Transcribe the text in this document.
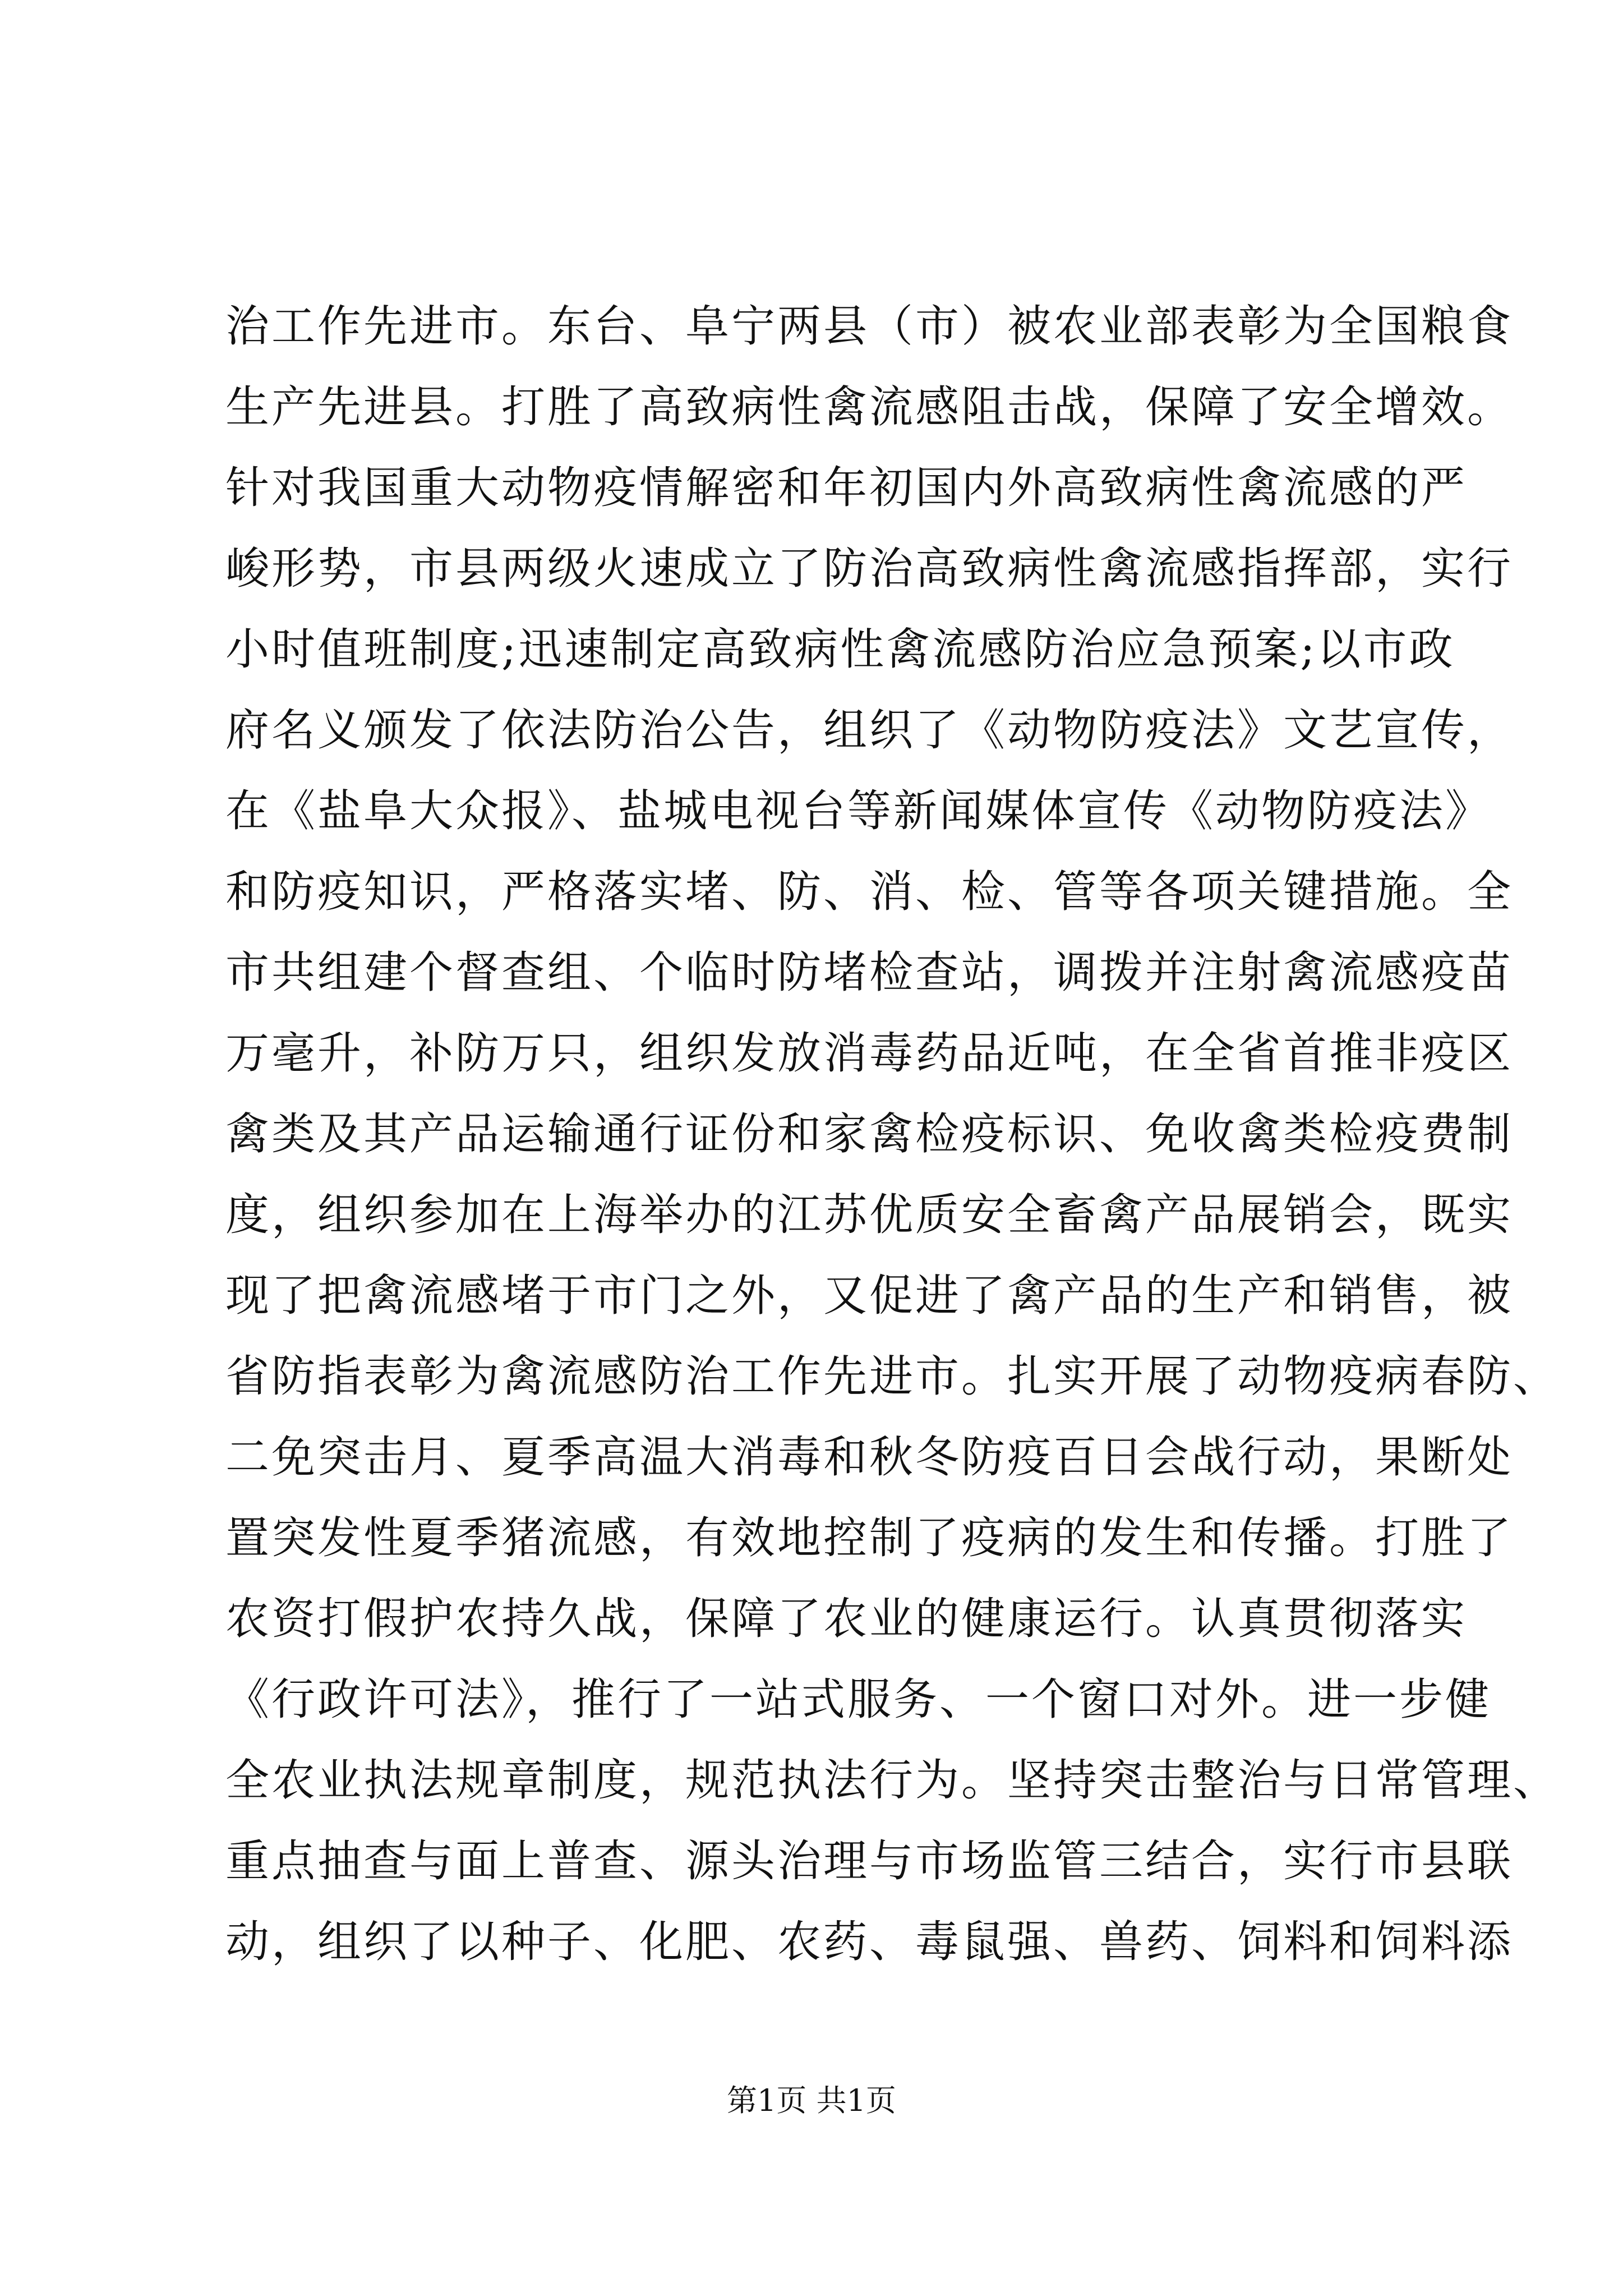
治工作先进市。东台、阜宁两县（市）被农业部表彰为全国粮食
生产先进县。打胜了高致病性禽流感阻击战，保障了安全增效。
针对我国重大动物疫情解密和年初国内外高致病性禽流感的严
峻形势，市县两级火速成立了防治高致病性禽流感指挥部，实行
小时值班制度;迅速制定高致病性禽流感防治应急预案;以市政
府名义颁发了依法防治公告，组织了《动物防疫法》文艺宣传，
在《盐阜大众报》、盐城电视台等新闻媒体宣传《动物防疫法》
和防疫知识，严格落实堵、防、消、检、管等各项关键措施。全
市共组建个督查组、个临时防堵检查站，调拨并注射禽流感疫苗
万毫升，补防万只，组织发放消毒药品近吨，在全省首推非疫区
禽类及其产品运输通行证份和家禽检疫标识、免收禽类检疫费制
度，组织参加在上海举办的江苏优质安全畜禽产品展销会，既实
现了把禽流感堵于市门之外，又促进了禽产品的生产和销售，被
省防指表彰为禽流感防治工作先进市。扎实开展了动物疫病春防、
二免突击月、夏季高温大消毒和秋冬防疫百日会战行动，果断处
置突发性夏季猪流感，有效地控制了疫病的发生和传播。打胜了
农资打假护农持久战，保障了农业的健康运行。认真贯彻落实
《行政许可法》，推行了一站式服务、一个窗口对外。进一步健
全农业执法规章制度，规范执法行为。坚持突击整治与日常管理、
重点抽查与面上普查、源头治理与市场监管三结合，实行市县联
动，组织了以种子、化肥、农药、毒鼠强、兽药、饲料和饲料添
第1页 共1页
